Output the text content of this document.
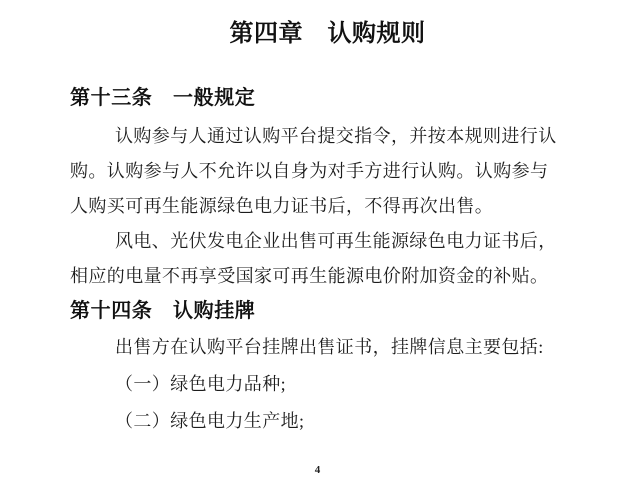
第四章　认购规则
第十三条　一般规定
认购参与人通过认购平台提交指令，并按本规则进行认
购。认购参与人不允许以自身为对手方进行认购。认购参与
人购买可再生能源绿色电力证书后，不得再次出售。
风电、光伏发电企业出售可再生能源绿色电力证书后，
相应的电量不再享受国家可再生能源电价附加资金的补贴。
第十四条　认购挂牌
出售方在认购平台挂牌出售证书，挂牌信息主要包括:
（一）绿色电力品种;
（二）绿色电力生产地;
4
